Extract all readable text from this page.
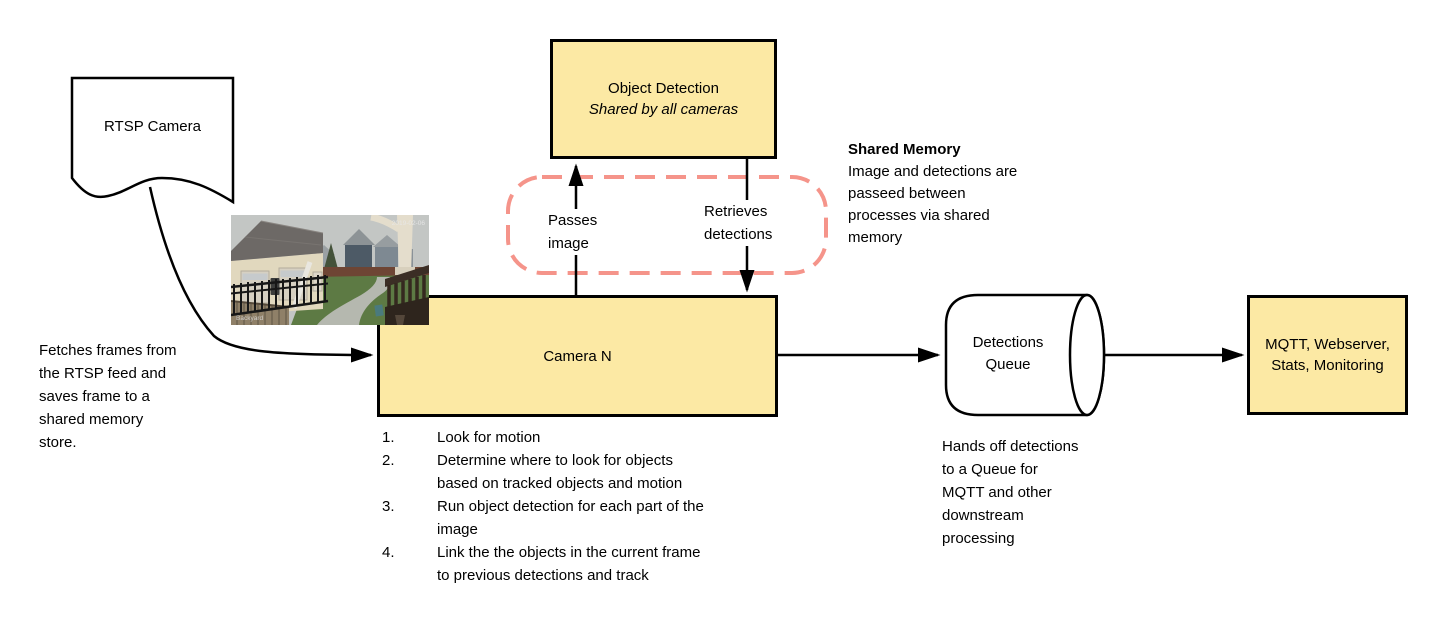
Object Detection
Shared by all cameras
Camera N
MQTT, Webserver,
Stats, Monitoring
2019-02-06
Backyard
RTSP Camera
Fetches frames from
the RTSP feed and
saves frame to a
shared memory
store.
Shared Memory
Image and detections are
passeed between
processes via shared
memory
Passes
image
Retrieves
detections
1.	Look for motion
2.	Determine where to look for objects
based on tracked objects and motion
3.	Run object detection for each part of the
image
4.	Link the the objects in the current frame
to previous detections and track
Detections
Queue
Hands off detections
to a Queue for
MQTT and other
downstream
processing
